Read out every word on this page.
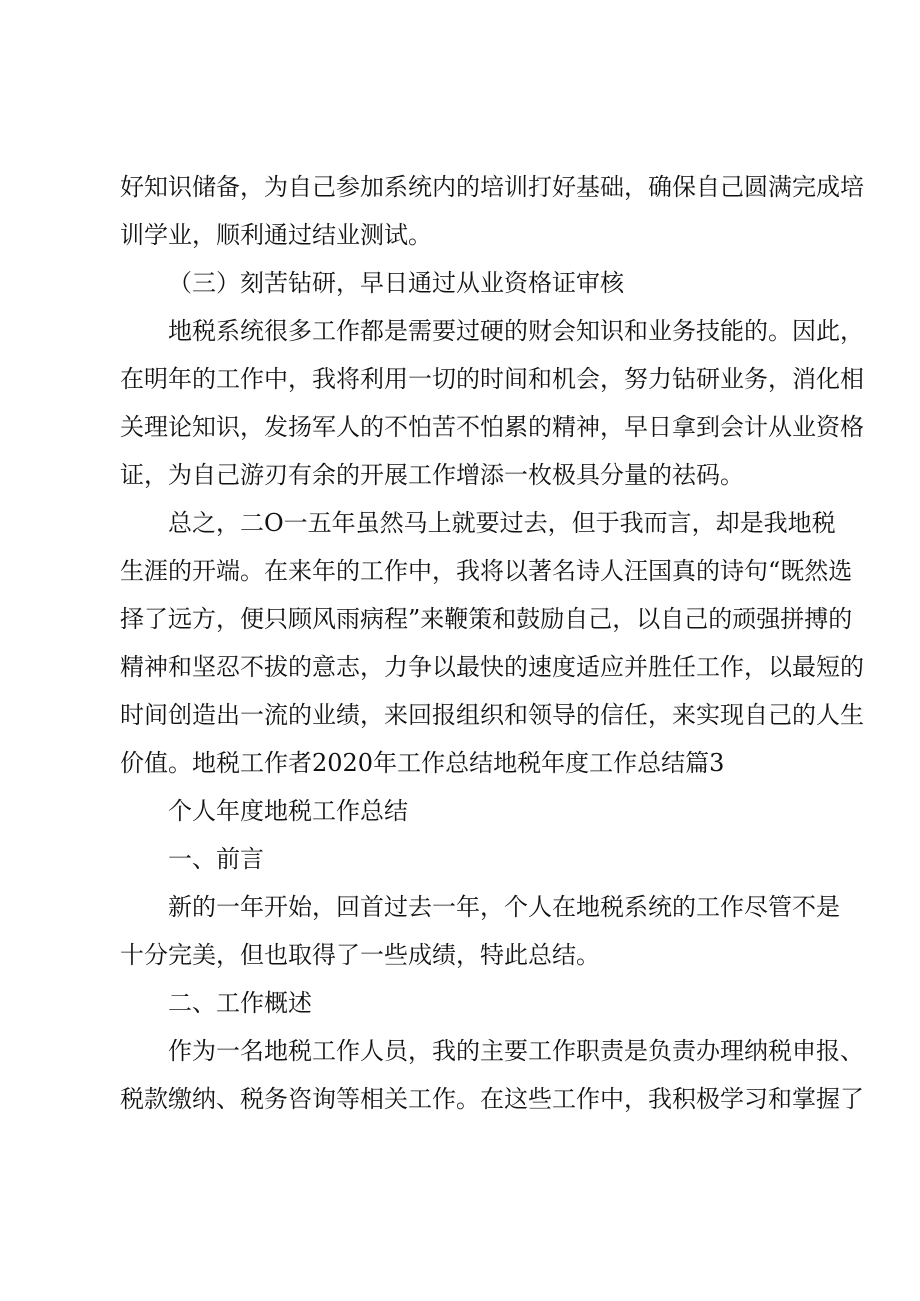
好知识储备，为自己参加系统内的培训打好基础，确保自己圆满完成培
训学业，顺利通过结业测试。
（三）刻苦钻研，早日通过从业资格证审核
地税系统很多工作都是需要过硬的财会知识和业务技能的。因此，
在明年的工作中，我将利用一切的时间和机会，努力钻研业务，消化相
关理论知识，发扬军人的不怕苦不怕累的精神，早日拿到会计从业资格
证，为自己游刃有余的开展工作增添一枚极具分量的祛码。
总之，二O一五年虽然马上就要过去，但于我而言，却是我地税
生涯的开端。在来年的工作中，我将以著名诗人汪国真的诗句“既然选
择了远方，便只顾风雨病程”来鞭策和鼓励自己，以自己的顽强拼搏的
精神和坚忍不拔的意志，力争以最快的速度适应并胜任工作，以最短的
时间创造出一流的业绩，来回报组织和领导的信任，来实现自己的人生
价值。地税工作者2020年工作总结地税年度工作总结篇3
个人年度地税工作总结
一、前言
新的一年开始，回首过去一年，个人在地税系统的工作尽管不是
十分完美，但也取得了一些成绩，特此总结。
二、工作概述
作为一名地税工作人员，我的主要工作职责是负责办理纳税申报、
税款缴纳、税务咨询等相关工作。在这些工作中，我积极学习和掌握了
